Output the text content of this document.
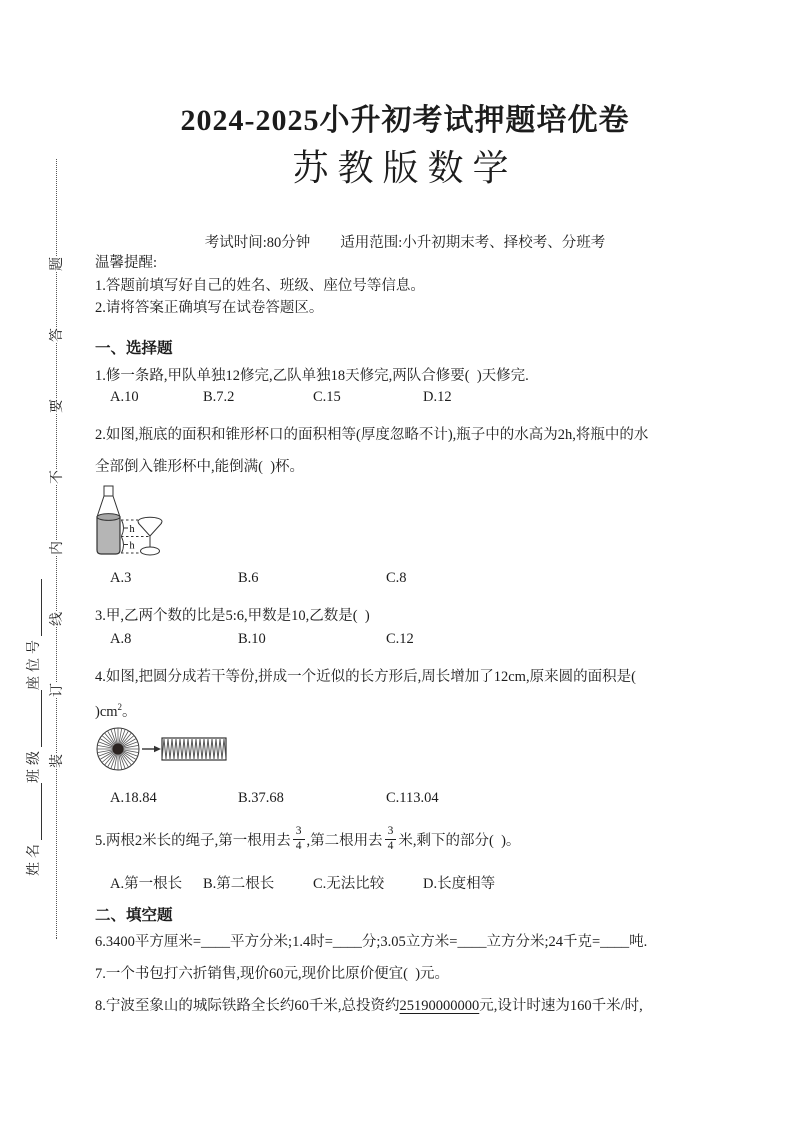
装
订
线
内
不
要
答
题
姓名
班级
座位号
2024-2025小升初考试押题培优卷
苏教版数学
考试时间:80分钟 适用范围:小升初期末考、择校考、分班考
温馨提醒:
1.答题前填写好自己的姓名、班级、座位号等信息。
2.请将答案正确填写在试卷答题区。
一、选择题
1.修一条路,甲队单独12修完,乙队单独18天修完,两队合修要(  )天修完.
A.10	B.7.2	C.15	D.12
2.如图,瓶底的面积和锥形杯口的面积相等(厚度忽略不计),瓶子中的水高为2h,将瓶中的水
全部倒入锥形杯中,能倒满(  )杯。
h
h
A.3	B.6	C.8
3.甲,乙两个数的比是5:6,甲数是10,乙数是(  )
A.8	B.10	C.12
4.如图,把圆分成若干等份,拼成一个近似的长方形后,周长增加了12cm,原来圆的面积是(
)$cm^2$。
A.18.84	B.37.68	C.113.04
5.两根2米长的绳子,第一根用去 $\frac{3}{4}$ ,第二根用去 $\frac{3}{4}$ 米,剩下的部分(  )。
A.第一根长 B.第二根长	C.无法比较	D.长度相等
二、填空题
6.3400平方厘米=____平方分米;1.4时=____分;3.05立方米=____立方分米;24千克=____吨.
7.一个书包打六折销售,现价60元,现价比原价便宜(  )元。
8.宁波至象山的城际铁路全长约60千米,总投资约25190000000元,设计时速为160千米/时,
